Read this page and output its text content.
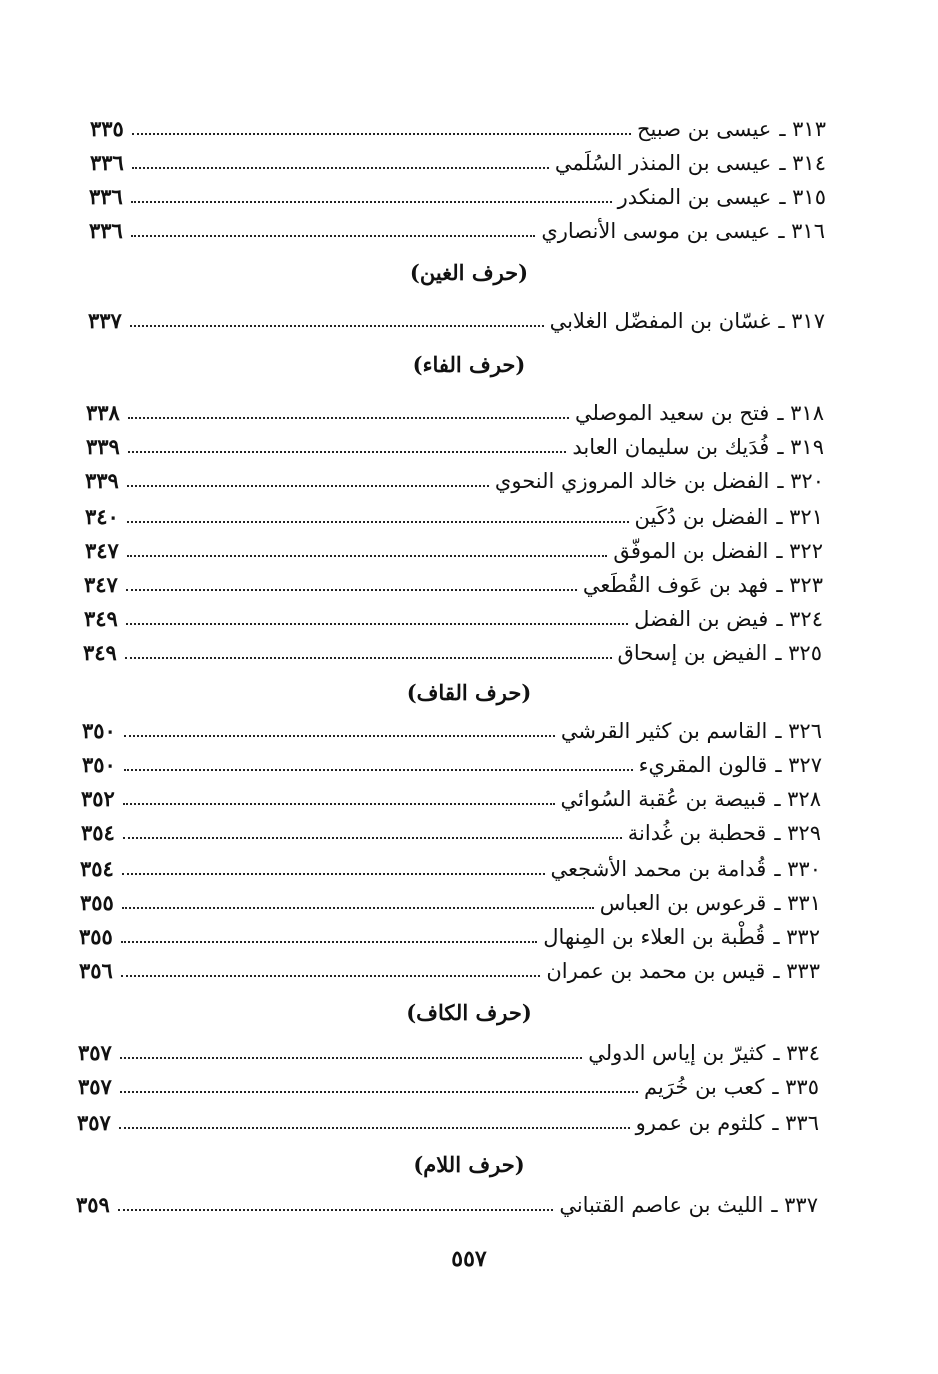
٣١٣ ـ
عيسى بن صبيح
٣٣٥
٣١٤ ـ
عيسى بن المنذر السُلَمي
٣٣٦
٣١٥ ـ
عيسى بن المنكدر
٣٣٦
٣١٦ ـ
عيسى بن موسى الأنصاري
٣٣٦
(حرف الغين)
٣١٧ ـ
غسّان بن المفضّل الغلابي
٣٣٧
(حرف الفاء)
٣١٨ ـ
فتح بن سعيد الموصلي
٣٣٨
٣١٩ ـ
فُدَيك بن سليمان العابد
٣٣٩
٣٢٠ ـ
الفضل بن خالد المروزي النحوي
٣٣٩
٣٢١ ـ
الفضل بن دُكَين
٣٤٠
٣٢٢ ـ
الفضل بن الموفّق
٣٤٧
٣٢٣ ـ
فهد بن عَوف القُطَعي
٣٤٧
٣٢٤ ـ
فيض بن الفضل
٣٤٩
٣٢٥ ـ
الفيض بن إسحاق
٣٤٩
(حرف القاف)
٣٢٦ ـ
القاسم بن كثير القرشي
٣٥٠
٣٢٧ ـ
قالون المقريء
٣٥٠
٣٢٨ ـ
قبيصة بن عُقبة السُوائي
٣٥٢
٣٢٩ ـ
قحطبة بن غُدانة
٣٥٤
٣٣٠ ـ
قُدامة بن محمد الأشجعي
٣٥٤
٣٣١ ـ
قرعوس بن العباس
٣٥٥
٣٣٢ ـ
قُطْبة بن العلاء بن المِنهال
٣٥٥
٣٣٣ ـ
قيس بن محمد بن عمران
٣٥٦
(حرف الكاف)
٣٣٤ ـ
كثيرّ بن إياس الدولي
٣٥٧
٣٣٥ ـ
كعب بن خُرَيم
٣٥٧
٣٣٦ ـ
كلثوم بن عمرو
٣٥٧
(حرف اللام)
٣٣٧ ـ
الليث بن عاصم القتباني
٣٥٩
٥٥٧
